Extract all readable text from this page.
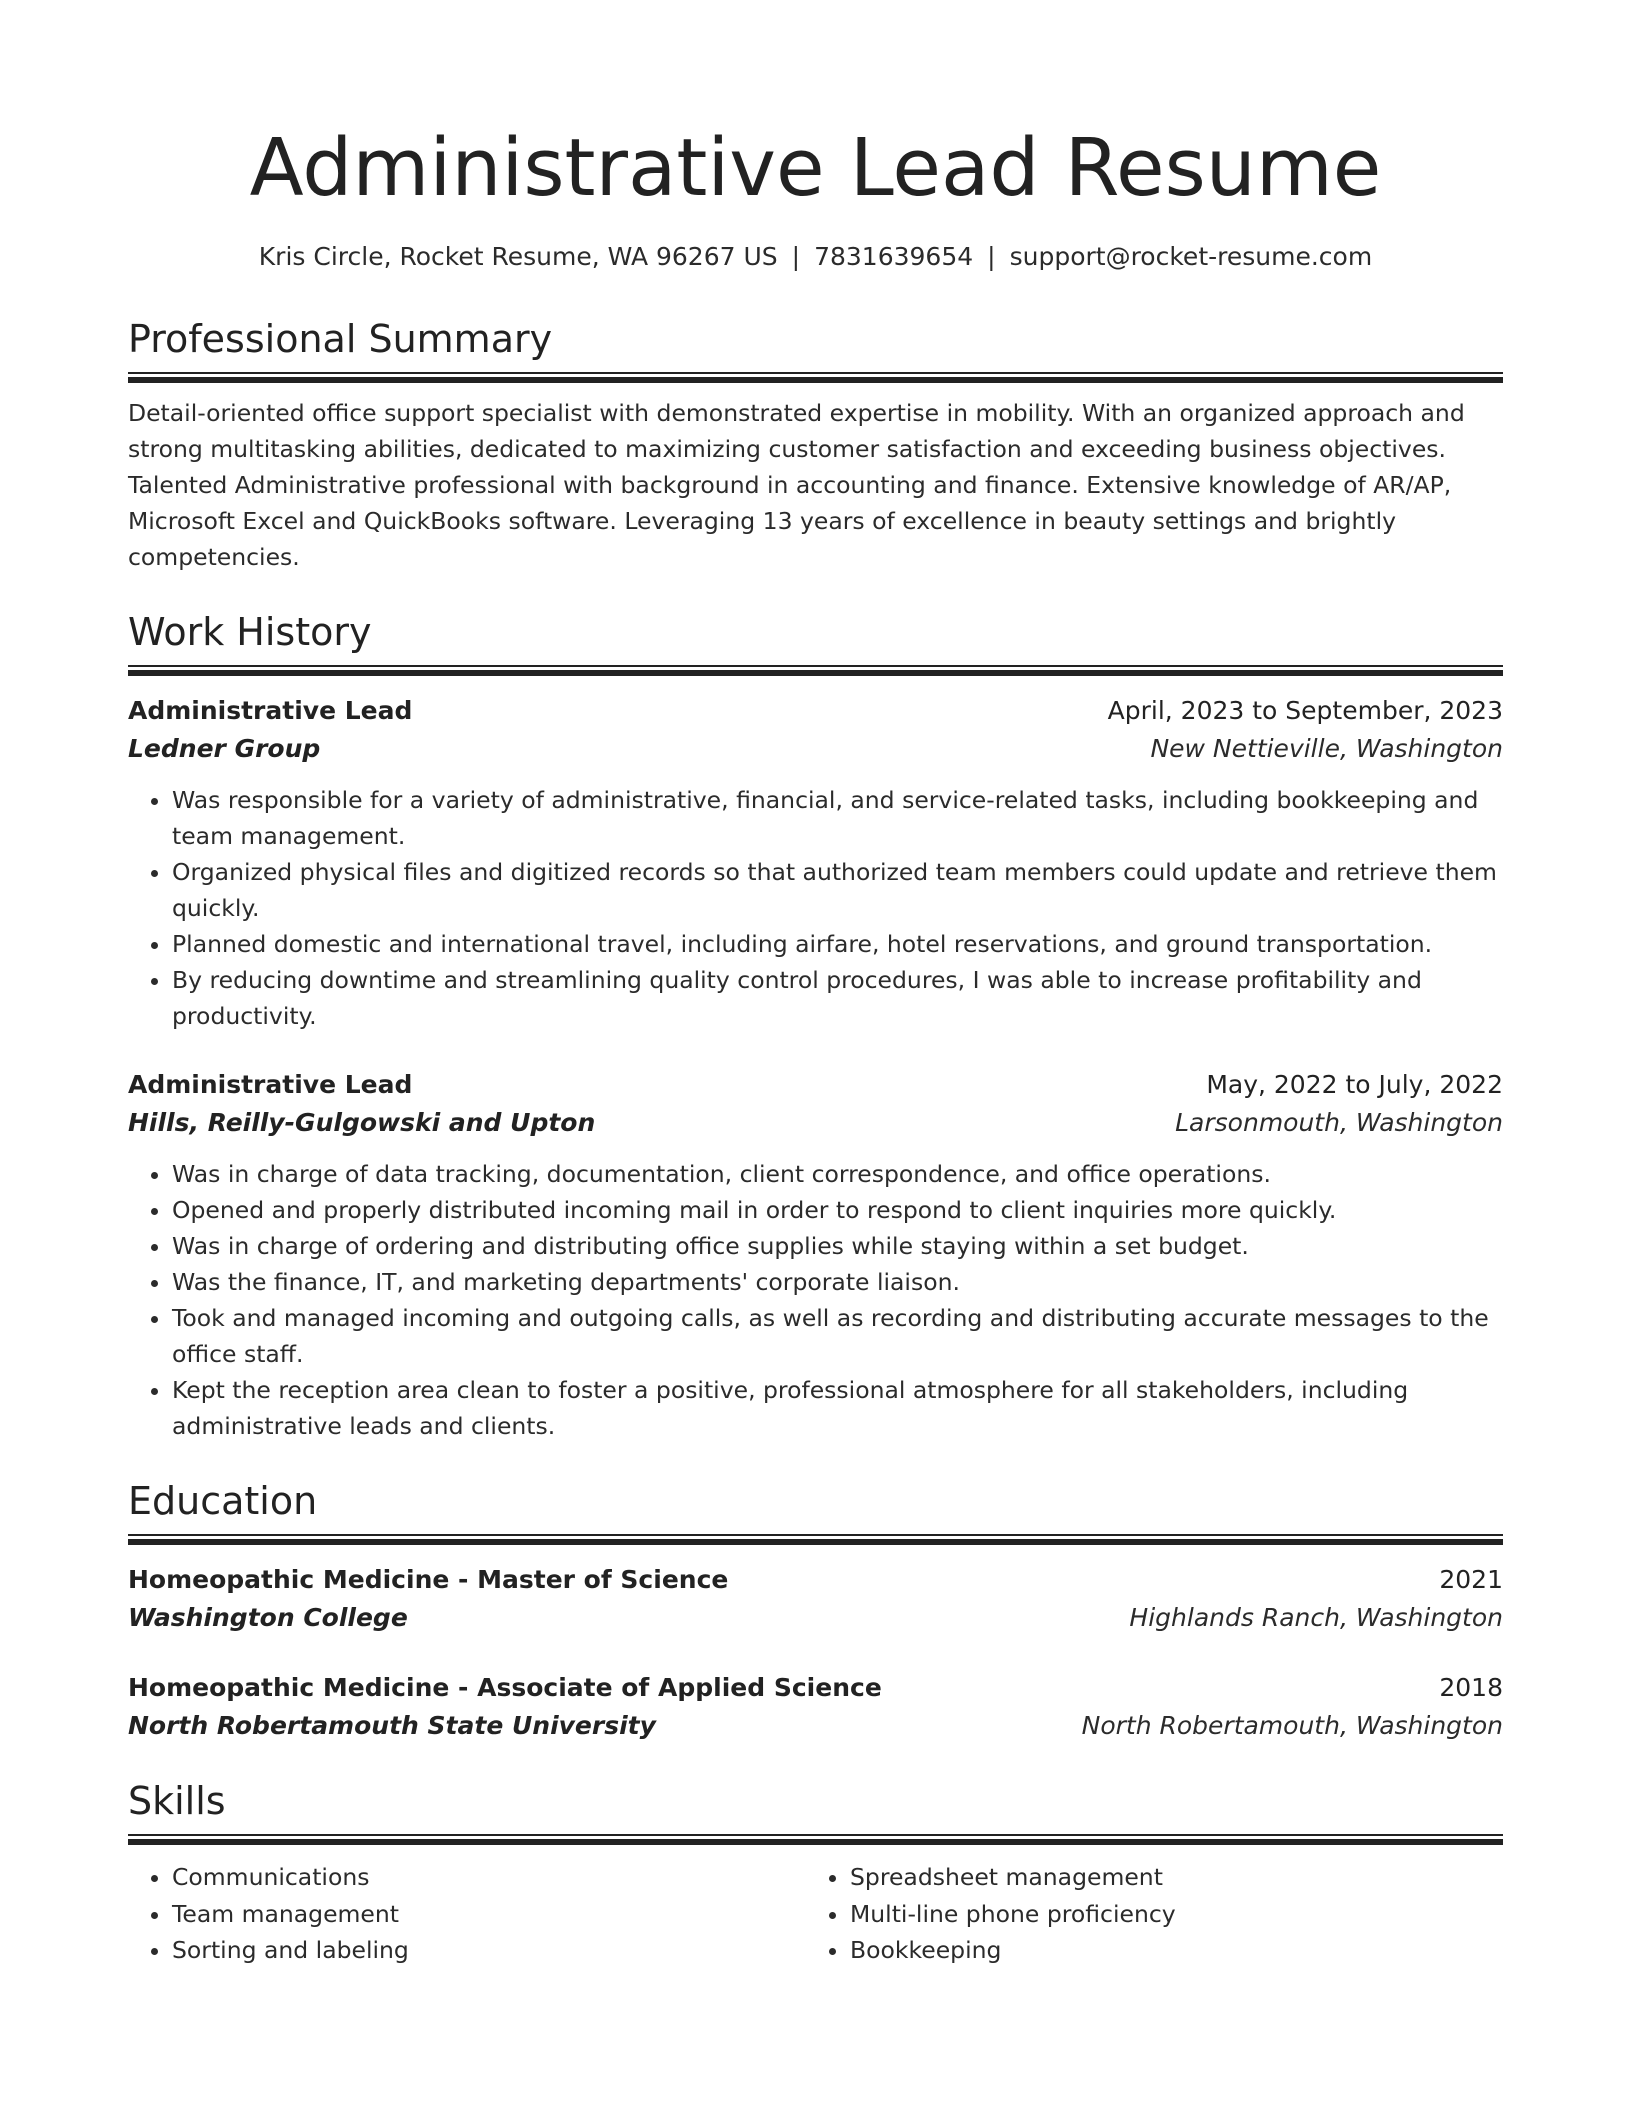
Administrative Lead Resume
Kris Circle, Rocket Resume, WA 96267 US | 7831639654 | support@rocket-resume.com
Professional Summary

Detail-oriented office support specialist with demonstrated expertise in mobility. With an organized approach and strong multitasking abilities, dedicated to maximizing customer satisfaction and exceeding business objectives. Talented Administrative professional with background in accounting and finance. Extensive knowledge of AR/AP, Microsoft Excel and QuickBooks software. Leveraging 13 years of excellence in beauty settings and brightly competencies.

Work History
Administrative Lead	April, 2023 to September, 2023
Ledner Group	New Nettieville, Washington
• Was responsible for a variety of administrative, financial, and service-related tasks, including bookkeeping and team management.
• Organized physical files and digitized records so that authorized team members could update and retrieve them quickly.
• Planned domestic and international travel, including airfare, hotel reservations, and ground transportation.
• By reducing downtime and streamlining quality control procedures, I was able to increase profitability and productivity.
Administrative Lead	May, 2022 to July, 2022
Hills, Reilly-Gulgowski and Upton	Larsonmouth, Washington
• Was in charge of data tracking, documentation, client correspondence, and office operations.
• Opened and properly distributed incoming mail in order to respond to client inquiries more quickly.
• Was in charge of ordering and distributing office supplies while staying within a set budget.
• Was the finance, IT, and marketing departments' corporate liaison.
• Took and managed incoming and outgoing calls, as well as recording and distributing accurate messages to the office staff.
• Kept the reception area clean to foster a positive, professional atmosphere for all stakeholders, including administrative leads and clients.
Education
Homeopathic Medicine - Master of Science	2021
Washington College	Highlands Ranch, Washington
Homeopathic Medicine - Associate of Applied Science	2018
North Robertamouth State University	North Robertamouth, Washington
Skills
• Communications
• Team management
• Sorting and labeling
• Spreadsheet management
• Multi-line phone proficiency
• Bookkeeping
